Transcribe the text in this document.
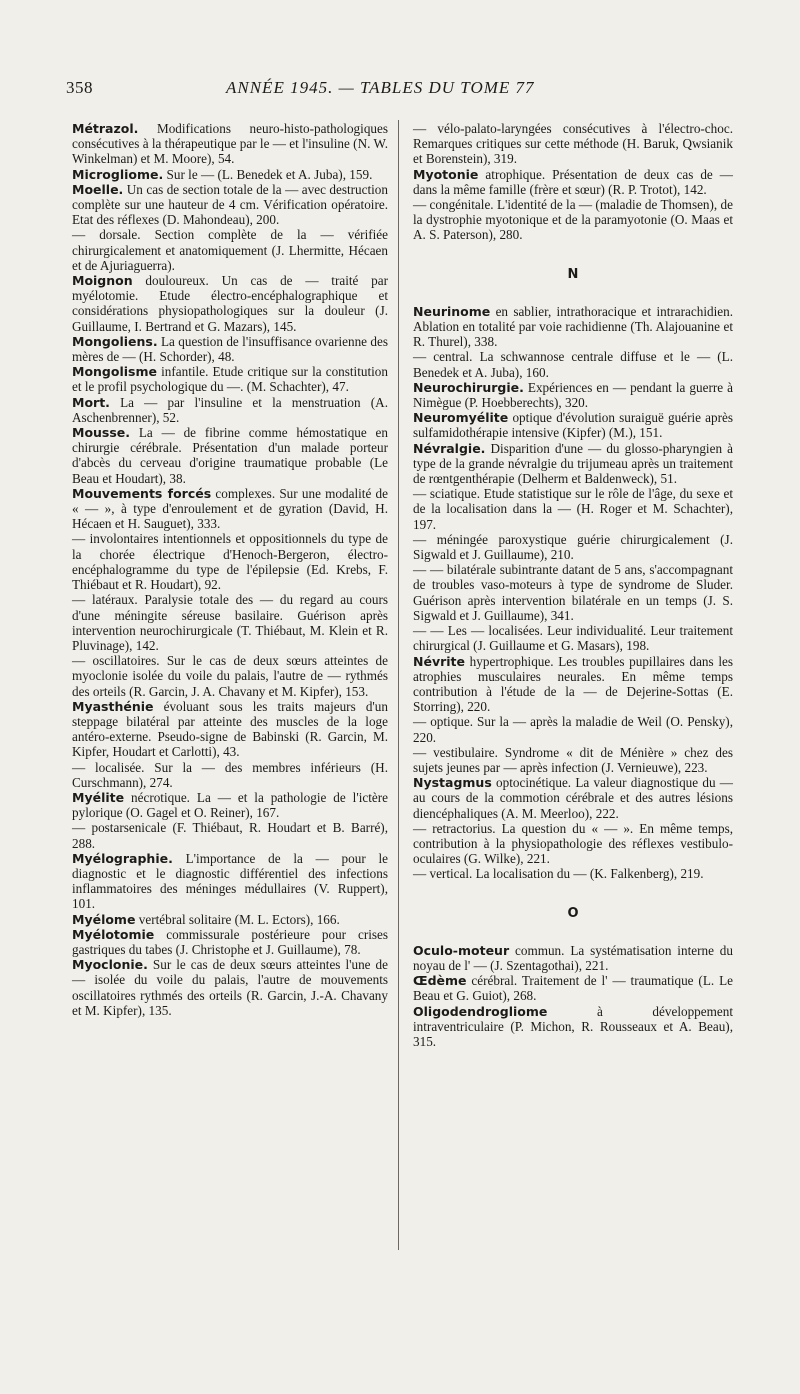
358	ANNÉE 1945. — TABLES DU TOME 77

Métrazol. Modifications neuro-histo-pathologiques consécutives à la thérapeutique par le — et l'insuline (N. W. Winkelman) et M. Moore), 54.

Microgliome. Sur le — (L. Benedek et A. Juba), 159.

Moelle. Un cas de section totale de la — avec destruction complète sur une hauteur de 4 cm. Vérification opératoire. Etat des réflexes (D. Mahondeau), 200.

— dorsale. Section complète de la — vérifiée chirurgicalement et anatomiquement (J. Lhermitte, Hécaen et de Ajuriaguerra).

Moignon douloureux. Un cas de — traité par myélotomie. Etude électro-encéphalographique et considérations physiopathologiques sur la douleur (J. Guillaume, I. Bertrand et G. Mazars), 145.

Mongoliens. La question de l'insuffisance ovarienne des mères de — (H. Schorder), 48.

Mongolisme infantile. Etude critique sur la constitution et le profil psychologique du —. (M. Schachter), 47.

Mort. La — par l'insuline et la menstruation (A. Aschenbrenner), 52.

Mousse. La — de fibrine comme hémostatique en chirurgie cérébrale. Présentation d'un malade porteur d'abcès du cerveau d'origine traumatique probable (Le Beau et Houdart), 38.

Mouvements forcés complexes. Sur une modalité de « — », à type d'enroulement et de gyration (David, H. Hécaen et H. Sauguet), 333.

— involontaires intentionnels et oppositionnels du type de la chorée électrique d'Henoch-Bergeron, électro-encéphalogramme du type de l'épilepsie (Ed. Krebs, F. Thiébaut et R. Houdart), 92.

— latéraux. Paralysie totale des — du regard au cours d'une méningite séreuse basilaire. Guérison après intervention neurochirurgicale (T. Thiébaut, M. Klein et R. Pluvinage), 142.

— oscillatoires. Sur le cas de deux sœurs atteintes de myoclonie isolée du voile du palais, l'autre de — rythmés des orteils (R. Garcin, J. A. Chavany et M. Kipfer), 153.

Myasthénie évoluant sous les traits majeurs d'un steppage bilatéral par atteinte des muscles de la loge antéro-externe. Pseudo-signe de Babinski (R. Garcin, M. Kipfer, Houdart et Carlotti), 43.

— localisée. Sur la — des membres inférieurs (H. Curschmann), 274.

Myélite nécrotique. La — et la pathologie de l'ictère pylorique (O. Gagel et O. Reiner), 167.

— postarsenicale (F. Thiébaut, R. Houdart et B. Barré), 288.

Myélographie. L'importance de la — pour le diagnostic et le diagnostic différentiel des infections inflammatoires des méninges médullaires (V. Ruppert), 101.

Myélome vertébral solitaire (M. L. Ectors), 166.

Myélotomie commissurale postérieure pour crises gastriques du tabes (J. Christophe et J. Guillaume), 78.

Myoclonie. Sur le cas de deux sœurs atteintes l'une de — isolée du voile du palais, l'autre de mouvements oscillatoires rythmés des orteils (R. Garcin, J.-A. Chavany et M. Kipfer), 135.

— vélo-palato-laryngées consécutives à l'électro-choc. Remarques critiques sur cette méthode (H. Baruk, Qwsianik et Borenstein), 319.

Myotonie atrophique. Présentation de deux cas de — dans la même famille (frère et sœur) (R. P. Trotot), 142.

— congénitale. L'identité de la — (maladie de Thomsen), de la dystrophie myotonique et de la paramyotonie (O. Maas et A. S. Paterson), 280.

N

Neurinome en sablier, intrathoracique et intrarachidien. Ablation en totalité par voie rachidienne (Th. Alajouanine et R. Thurel), 338.

— central. La schwannose centrale diffuse et le — (L. Benedek et A. Juba), 160.

Neurochirurgie. Expériences en — pendant la guerre à Nimègue (P. Hoebberechts), 320.

Neuromyélite optique d'évolution suraiguë guérie après sulfamidothérapie intensive (Kipfer) (M.), 151.

Névralgie. Disparition d'une — du glosso-pharyngien à type de la grande névralgie du trijumeau après un traitement de rœntgenthérapie (Delherm et Baldenweck), 51.

— sciatique. Etude statistique sur le rôle de l'âge, du sexe et de la localisation dans la — (H. Roger et M. Schachter), 197.

— méningée paroxystique guérie chirurgicalement (J. Sigwald et J. Guillaume), 210.

— — bilatérale subintrante datant de 5 ans, s'accompagnant de troubles vaso-moteurs à type de syndrome de Sluder. Guérison après intervention bilatérale en un temps (J. S. Sigwald et J. Guillaume), 341.

— — Les — localisées. Leur individualité. Leur traitement chirurgical (J. Guillaume et G. Masars), 198.

Névrite hypertrophique. Les troubles pupillaires dans les atrophies musculaires neurales. En même temps contribution à l'étude de la — de Dejerine-Sottas (E. Storring), 220.

— optique. Sur la — après la maladie de Weil (O. Pensky), 220.

— vestibulaire. Syndrome « dit de Ménière » chez des sujets jeunes par — après infection (J. Vernieuwe), 223.

Nystagmus optocinétique. La valeur diagnostique du — au cours de la commotion cérébrale et des autres lésions diencéphaliques (A. M. Meerloo), 222.

— retractorius. La question du « — ». En même temps, contribution à la physiopathologie des réflexes vestibulo-oculaires (G. Wilke), 221.

— vertical. La localisation du — (K. Falkenberg), 219.

O

Oculo-moteur commun. La systématisation interne du noyau de l' — (J. Szentagothai), 221.

Œdème cérébral. Traitement de l' — traumatique (L. Le Beau et G. Guiot), 268.

Oligodendrogliome à développement intraventriculaire (P. Michon, R. Rousseaux et A. Beau), 315.
